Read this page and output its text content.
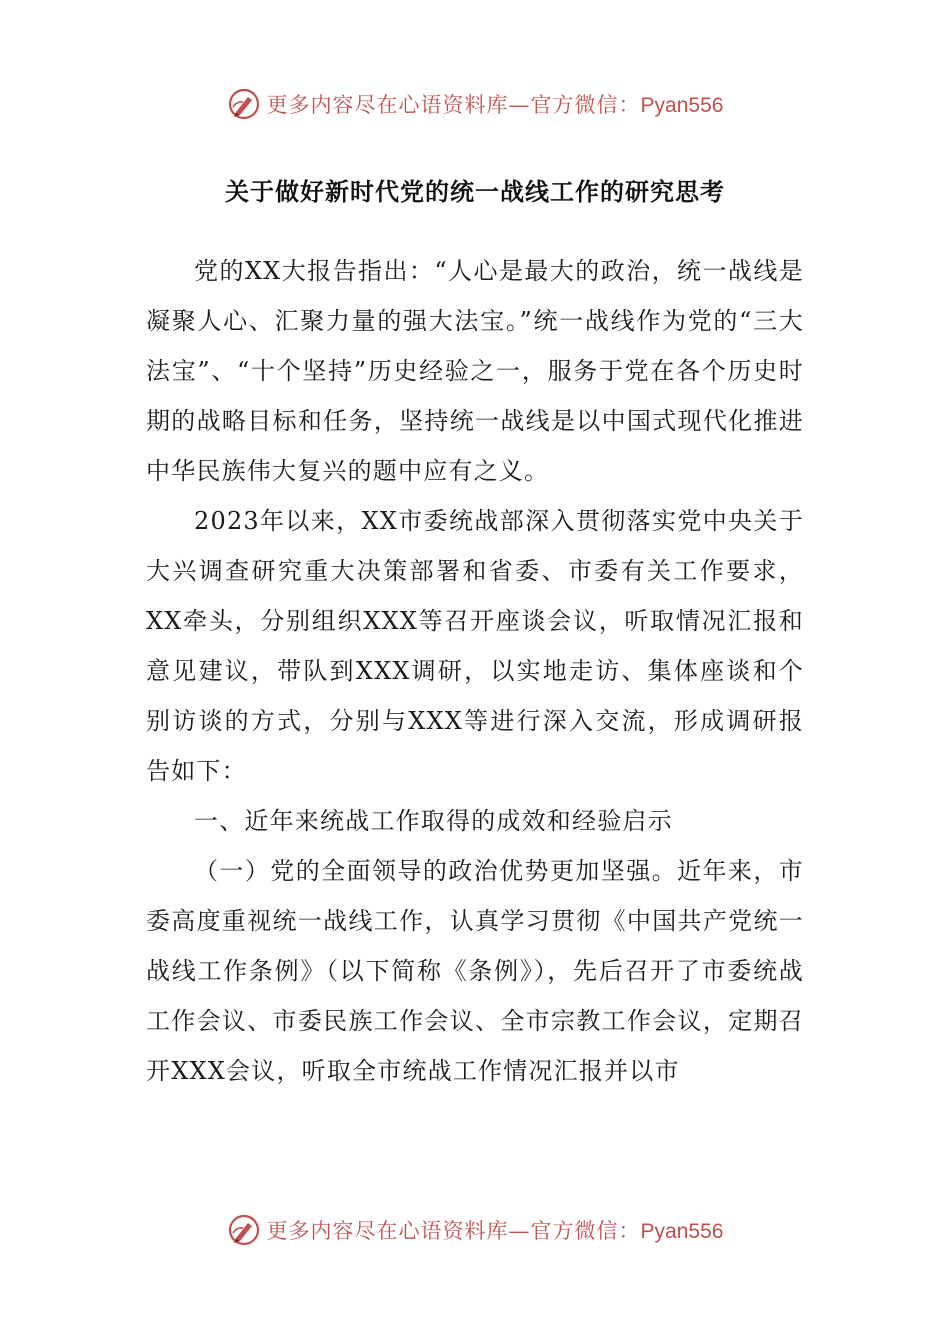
更多内容尽在心语资料库—官方微信：Pyan556
关于做好新时代党的统一战线工作的研究思考

党的XX大报告指出：“人心是最大的政治，统一战线是凝聚人心、汇聚力量的强大法宝。”统一战线作为党的“三大法宝”、“十个坚持”历史经验之一，服务于党在各个历史时期的战略目标和任务，坚持统一战线是以中国式现代化推进中华民族伟大复兴的题中应有之义。

2023年以来，XX市委统战部深入贯彻落实党中央关于大兴调查研究重大决策部署和省委、市委有关工作要求，XX牵头，分别组织XXX等召开座谈会议，听取情况汇报和意见建议，带队到XXX调研，以实地走访、集体座谈和个别访谈的方式，分别与XXX等进行深入交流，形成调研报告如下：

一、近年来统战工作取得的成效和经验启示

（一）党的全面领导的政治优势更加坚强。近年来，市委高度重视统一战线工作，认真学习贯彻《中国共产党统一战线工作条例》（以下简称《条例》），先后召开了市委统战工作会议、市委民族工作会议、全市宗教工作会议，定期召开XXX会议，听取全市统战工作情况汇报并以市

更多内容尽在心语资料库—官方微信：Pyan556
